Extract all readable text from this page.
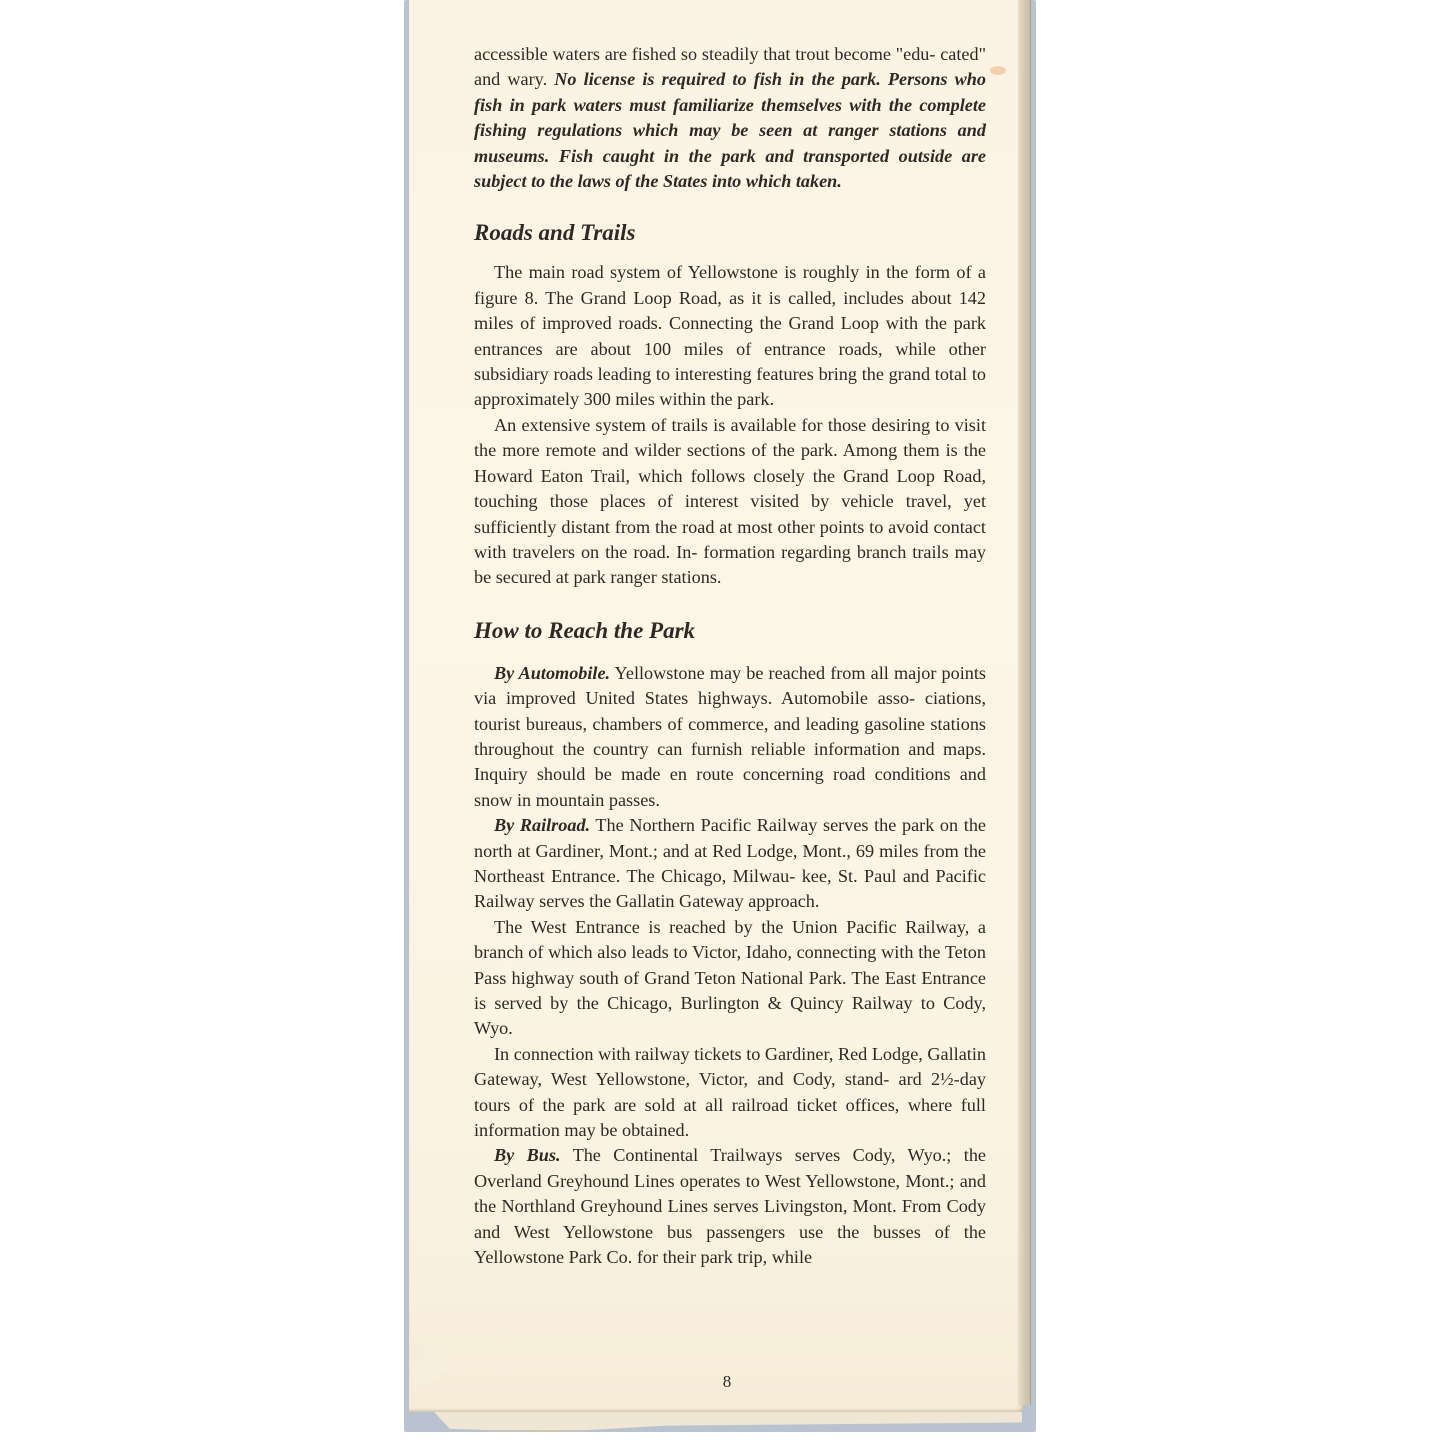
accessible waters are fished so steadily that trout become "edu- cated" and wary. No license is required to fish in the park. Persons who fish in park waters must familiarize themselves with the complete fishing regulations which may be seen at ranger stations and museums. Fish caught in the park and transported outside are subject to the laws of the States into which taken.

Roads and Trails

The main road system of Yellowstone is roughly in the form of a figure 8. The Grand Loop Road, as it is called, includes about 142 miles of improved roads. Connecting the Grand Loop with the park entrances are about 100 miles of entrance roads, while other subsidiary roads leading to interesting features bring the grand total to approximately 300 miles within the park.

An extensive system of trails is available for those desiring to visit the more remote and wilder sections of the park. Among them is the Howard Eaton Trail, which follows closely the Grand Loop Road, touching those places of interest visited by vehicle travel, yet sufficiently distant from the road at most other points to avoid contact with travelers on the road. In- formation regarding branch trails may be secured at park ranger stations.

How to Reach the Park

By Automobile. Yellowstone may be reached from all major points via improved United States highways. Automobile asso- ciations, tourist bureaus, chambers of commerce, and leading gasoline stations throughout the country can furnish reliable information and maps. Inquiry should be made en route concerning road conditions and snow in mountain passes.

By Railroad. The Northern Pacific Railway serves the park on the north at Gardiner, Mont.; and at Red Lodge, Mont., 69 miles from the Northeast Entrance. The Chicago, Milwau- kee, St. Paul and Pacific Railway serves the Gallatin Gateway approach.

The West Entrance is reached by the Union Pacific Railway, a branch of which also leads to Victor, Idaho, connecting with the Teton Pass highway south of Grand Teton National Park. The East Entrance is served by the Chicago, Burlington & Quincy Railway to Cody, Wyo.

In connection with railway tickets to Gardiner, Red Lodge, Gallatin Gateway, West Yellowstone, Victor, and Cody, stand- ard 2½-day tours of the park are sold at all railroad ticket offices, where full information may be obtained.

By Bus. The Continental Trailways serves Cody, Wyo.; the Overland Greyhound Lines operates to West Yellowstone, Mont.; and the Northland Greyhound Lines serves Livingston, Mont. From Cody and West Yellowstone bus passengers use the busses of the Yellowstone Park Co. for their park trip, while

8
